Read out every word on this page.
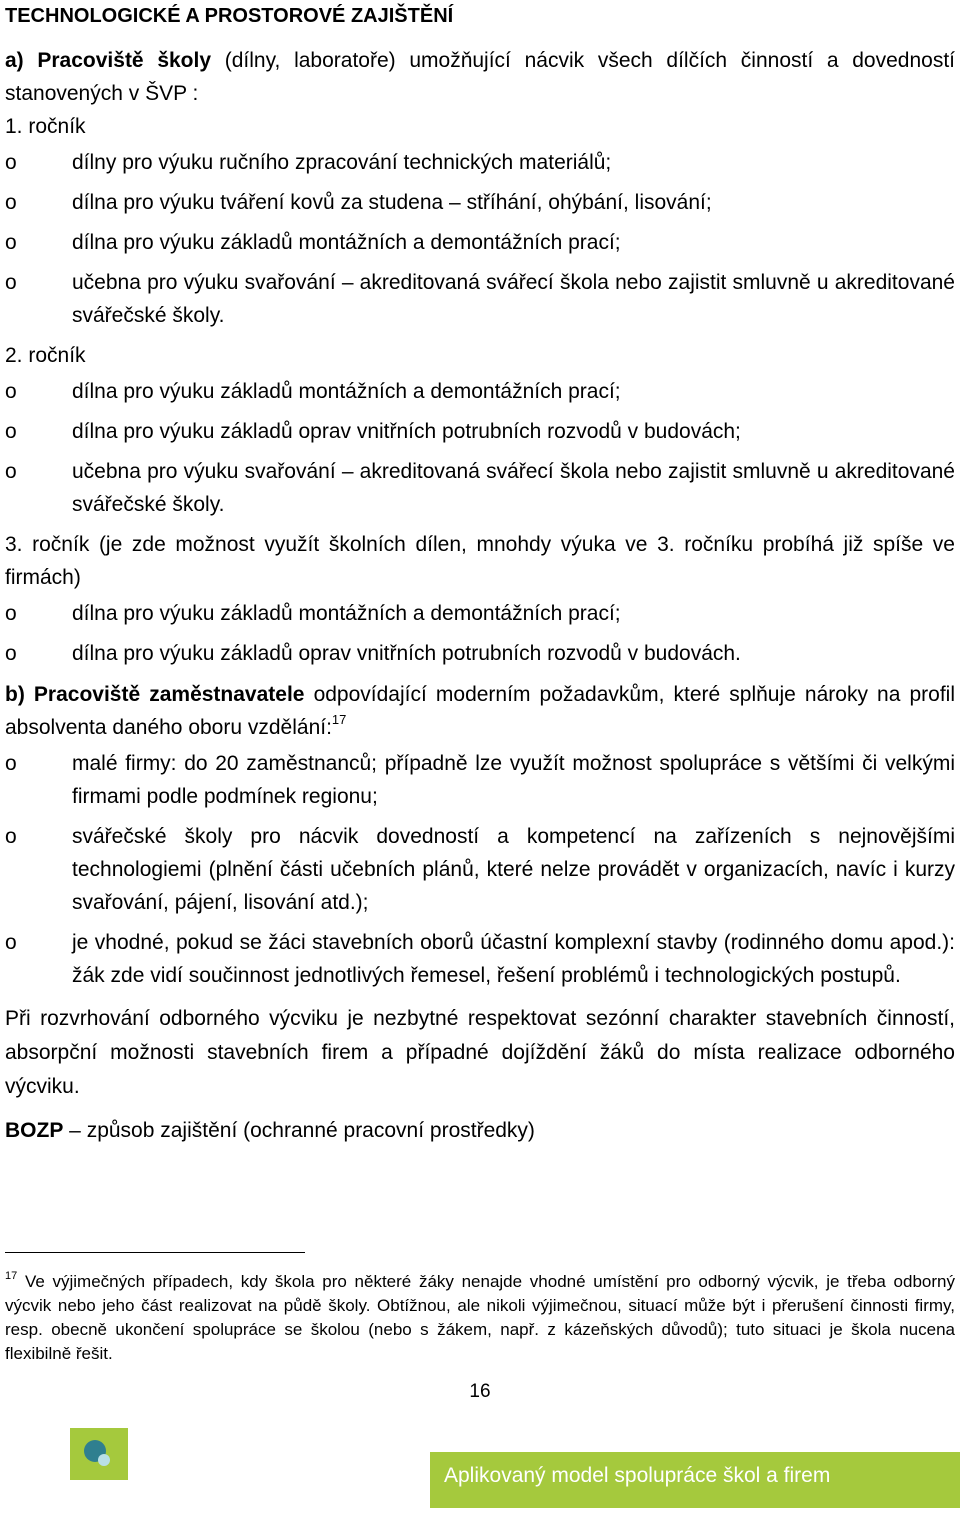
TECHNOLOGICKÉ A PROSTOROVÉ ZAJIŠTĚNÍ

a) Pracoviště školy (dílny, laboratoře) umožňující nácvik všech dílčích činností a dovedností stanovených v ŠVP :

1. ročník
o	dílny pro výuku ručního zpracování technických materiálů;
o	dílna pro výuku tváření kovů za studena – stříhání, ohýbání, lisování;
o	dílna pro výuku základů montážních a demontážních prací;
o	učebna pro výuku svařování – akreditovaná svářecí škola nebo zajistit smluvně u akreditované svářečské školy.
2. ročník
o	dílna pro výuku základů montážních a demontážních prací;
o	dílna pro výuku základů oprav vnitřních potrubních rozvodů v budovách;
o	učebna pro výuku svařování – akreditovaná svářecí škola nebo zajistit smluvně u akreditované svářečské školy.
3. ročník (je zde možnost využít školních dílen, mnohdy výuka ve 3. ročníku probíhá již spíše ve firmách)
o	dílna pro výuku základů montážních a demontážních prací;
o	dílna pro výuku základů oprav vnitřních potrubních rozvodů v budovách.

b) Pracoviště zaměstnavatele odpovídající moderním požadavkům, které splňuje nároky na profil absolventa daného oboru vzdělání:$^{17}$

o	malé firmy: do 20 zaměstnanců; případně lze využít možnost spolupráce s většími či velkými firmami podle podmínek regionu;
o	svářečské školy pro nácvik dovedností a kompetencí na zařízeních s nejnovějšími technologiemi (plnění části učebních plánů, které nelze provádět v organizacích, navíc i kurzy svařování, pájení, lisování atd.);
o	je vhodné, pokud se žáci stavebních oborů účastní komplexní stavby (rodinného domu apod.): žák zde vidí součinnost jednotlivých řemesel, řešení problémů i technologických postupů.

Při rozvrhování odborného výcviku je nezbytné respektovat sezónní charakter stavebních činností, absorpční možnosti stavebních firem a případné dojíždění žáků do místa realizace odborného výcviku.

BOZP – způsob zajištění (ochranné pracovní prostředky)

$^{17}$ Ve výjimečných případech, kdy škola pro některé žáky nenajde vhodné umístění pro odborný výcvik, je třeba odborný výcvik nebo jeho část realizovat na půdě školy. Obtížnou, ale nikoli výjimečnou, situací může být i přerušení činnosti firmy, resp. obecně ukončení spolupráce se školou (nebo s žákem, např. z kázeňských důvodů); tuto situaci je škola nucena flexibilně řešit.
16
Aplikovaný model spolupráce škol a firem
